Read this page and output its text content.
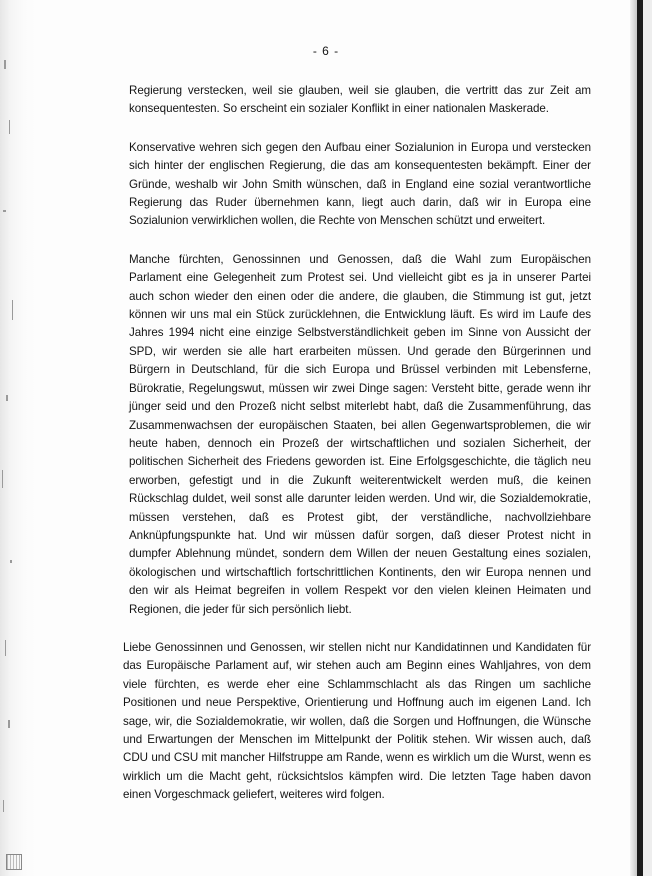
- 6 -

Regierung verstecken, weil sie glauben, weil sie glauben, die vertritt das zur Zeit am konsequentesten. So erscheint ein sozialer Konflikt in einer nationalen Maskerade.

Konservative wehren sich gegen den Aufbau einer Sozialunion in Europa und verstecken sich hinter der englischen Regierung, die das am konsequentesten bekämpft. Einer der Gründe, weshalb wir John Smith wünschen, daß in England eine sozial verantwortliche Regierung das Ruder übernehmen kann, liegt auch darin, daß wir in Europa eine Sozialunion verwirklichen wollen, die Rechte von Menschen schützt und erweitert.

Manche fürchten, Genossinnen und Genossen, daß die Wahl zum Europäischen Parlament eine Gelegenheit zum Protest sei. Und vielleicht gibt es ja in unserer Partei auch schon wieder den einen oder die andere, die glauben, die Stimmung ist gut, jetzt können wir uns mal ein Stück zurücklehnen, die Entwicklung läuft. Es wird im Laufe des Jahres 1994 nicht eine einzige Selbstverständlichkeit geben im Sinne von Aussicht der SPD, wir werden sie alle hart erarbeiten müssen. Und gerade den Bürgerinnen und Bürgern in Deutschland, für die sich Europa und Brüssel verbinden mit Lebensferne, Bürokratie, Regelungswut, müssen wir zwei Dinge sagen: Versteht bitte, gerade wenn ihr jünger seid und den Prozeß nicht selbst miterlebt habt, daß die Zusammenführung, das Zusammenwachsen der europäischen Staaten, bei allen Gegenwartsproblemen, die wir heute haben, dennoch ein Prozeß der wirtschaftlichen und sozialen Sicherheit, der politischen Sicherheit des Friedens geworden ist. Eine Erfolgsgeschichte, die täglich neu erworben, gefestigt und in die Zukunft weiterentwickelt werden muß, die keinen Rückschlag duldet, weil sonst alle darunter leiden werden. Und wir, die Sozialdemokratie, müssen verstehen, daß es Protest gibt, der verständliche, nachvollziehbare Anknüpfungspunkte hat. Und wir müssen dafür sorgen, daß dieser Protest nicht in dumpfer Ablehnung mündet, sondern dem Willen der neuen Gestaltung eines sozialen, ökologischen und wirtschaftlich fortschrittlichen Kontinents, den wir Europa nennen und den wir als Heimat begreifen in vollem Respekt vor den vielen kleinen Heimaten und Regionen, die jeder für sich persönlich liebt.

Liebe Genossinnen und Genossen, wir stellen nicht nur Kandidatinnen und Kandidaten für das Europäische Parlament auf, wir stehen auch am Beginn eines Wahljahres, von dem viele fürchten, es werde eher eine Schlammschlacht als das Ringen um sachliche Positionen und neue Perspektive, Orientierung und Hoffnung auch im eigenen Land. Ich sage, wir, die Sozialdemokratie, wir wollen, daß die Sorgen und Hoffnungen, die Wünsche und Erwartungen der Menschen im Mittelpunkt der Politik stehen. Wir wissen auch, daß CDU und CSU mit mancher Hilfstruppe am Rande, wenn es wirklich um die Wurst, wenn es wirklich um die Macht geht, rücksichtslos kämpfen wird. Die letzten Tage haben davon einen Vorgeschmack geliefert, weiteres wird folgen.
